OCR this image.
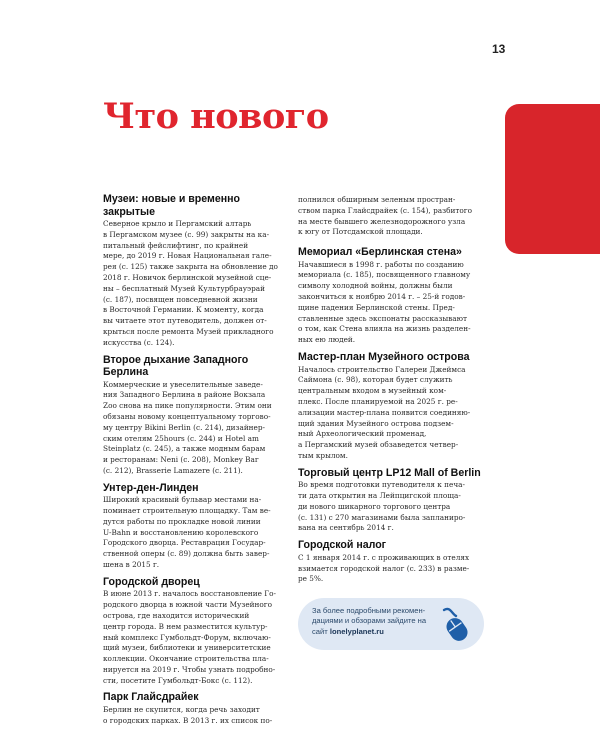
13
Что нового
Музеи: новые и временно закрытые

Северное крыло и Пергамский алтарь
в Пергамском музее (с. 99) закрыты на ка-
питальный фейслифтинг, по крайней
мере, до 2019 г. Новая Национальная гале-
рея (с. 125) также закрыта на обновление до
2018 г. Новичок берлинской музейной сце-
ны – бесплатный Музей Культурбрауэрай
(с. 187), посвящен повседневной жизни
в Восточной Германии. К моменту, когда
вы читаете этот путеводитель, должен от-
крыться после ремонта Музей прикладного
искусства (с. 124).

Второе дыхание Западного Берлина

Коммерческие и увеселительные заведе-
ния Западного Берлина в районе Вокзала
Zoo снова на пике популярности. Этим они
обязаны новому концептуальному торгово-
му центру Bikini Berlin (с. 214), дизайнер-
ским отелям 25hours (с. 244) и Hotel am
Steinplatz (с. 245), а также модным барам
и ресторанам: Neni (с. 208), Monkey Bar
(с. 212), Brasserie Lamazere (с. 211).

Унтер-ден-Линден

Широкий красивый бульвар местами на-
поминает строительную площадку. Там ве-
дутся работы по прокладке новой линии
U-Bahn и восстановлению королевского
Городского дворца. Реставрация Государ-
ственной оперы (с. 89) должна быть завер-
шена в 2015 г.

Городской дворец

В июне 2013 г. началось восстановление Го-
родского дворца в южной части Музейного
острова, где находится исторический
центр города. В нем разместится культур-
ный комплекс Гумбольдт-Форум, включаю-
щий музеи, библиотеки и университетские
коллекции. Окончание строительства пла-
нируется на 2019 г. Чтобы узнать подробно-
сти, посетите Гумбольдт-Бокс (с. 112).

Парк Глайсдрайек

Берлин не скупится, когда речь заходит
о городских парках. В 2013 г. их список по-

полнился обширным зеленым простран-
ством парка Глайсдрайек (с. 154), разбитого
на месте бывшего железнодорожного узла
к югу от Потсдамской площади.

Мемориал «Берлинская стена»

Начавшиеся в 1998 г. работы по созданию
мемориала (с. 185), посвященного главному
символу холодной войны, должны были
закончиться к ноябрю 2014 г. – 25-й годов-
щине падения Берлинской стены. Пред-
ставленные здесь экспонаты рассказывают
о том, как Стена влияла на жизнь разделен-
ных ею людей.

Мастер-план Музейного острова

Началось строительство Галереи Джеймса
Саймона (с. 98), которая будет служить
центральным входом в музейный ком-
плекс. После планируемой на 2025 г. ре-
ализации мастер-плана появится соединяю-
щий здания Музейного острова подзем-
ный Археологический променад,
а Пергамский музей обзаведется четвер-
тым крылом.

Торговый центр LP12 Mall of Berlin

Во время подготовки путеводителя к печа-
ти дата открытия на Лейпцигской площа-
ди нового шикарного торгового центра
(с. 131) с 270 магазинами была запланиро-
вана на сентябрь 2014 г.

Городской налог

С 1 января 2014 г. с проживающих в отелях
взимается городской налог (с. 233) в разме-
ре 5%.

За более подробными рекомен-
дациями и обзорами зайдите на
сайт lonelyplanet.ru
